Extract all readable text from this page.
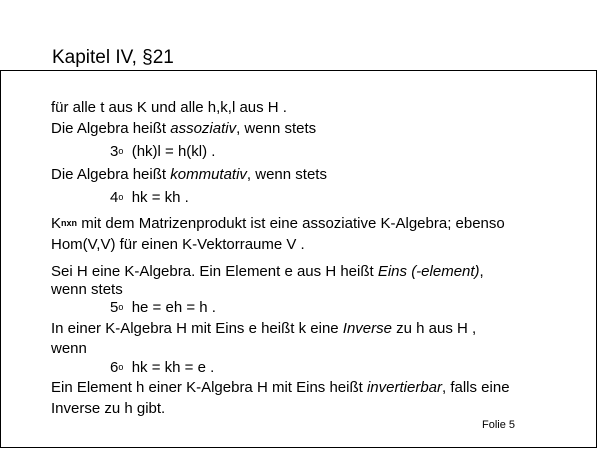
Kapitel IV, §21
für alle t aus K und alle h,k,l aus H .
Die Algebra heißt assoziativ, wenn stets
3$^o$  (hk)l = h(kl) .
Die Algebra heißt kommutativ, wenn stets
4$^o$  hk = kh .
$K^{nxn}$ mit dem Matrizenprodukt ist eine assoziative K-Algebra; ebenso
Hom(V,V) für einen K-Vektorraume V .
Sei H eine K-Algebra. Ein Element e aus H heißt Eins (-element),
wenn stets
5$^o$  he = eh = h .
In einer K-Algebra H mit Eins e heißt k eine Inverse zu h aus H ,
wenn
6$^o$  hk = kh = e .
Ein Element h einer K-Algebra H mit Eins heißt invertierbar, falls eine
Inverse zu h gibt.
Folie 5
